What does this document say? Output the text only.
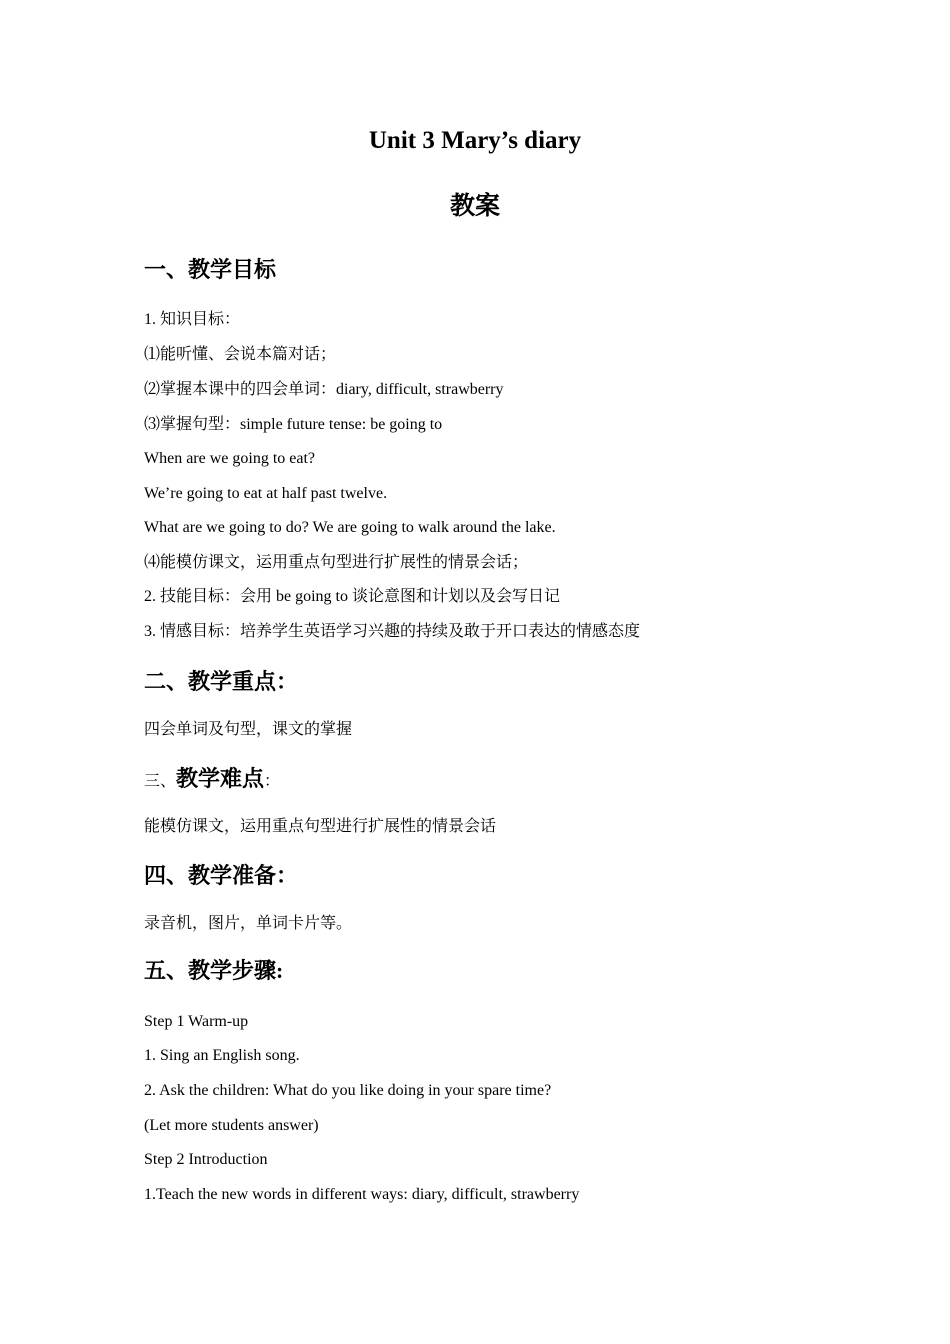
Unit 3 Mary’s diary
教案
一、教学目标

1. 知识目标：

⑴能听懂、会说本篇对话；

⑵掌握本课中的四会单词：diary, difficult, strawberry

⑶掌握句型：simple future tense: be going to

When are we going to eat?

We’re going to eat at half past twelve.

What are we going to do? We are going to walk around the lake.

⑷能模仿课文，运用重点句型进行扩展性的情景会话；

2. 技能目标：会用 be going to 谈论意图和计划以及会写日记

3. 情感目标：培养学生英语学习兴趣的持续及敢于开口表达的情感态度

二、教学重点：

四会单词及句型，课文的掌握

三、教学难点：

能模仿课文，运用重点句型进行扩展性的情景会话

四、教学准备：

录音机，图片，单词卡片等。

五、教学步骤:

Step 1 Warm-up

1. Sing an English song.

2. Ask the children: What do you like doing in your spare time?

(Let more students answer)

Step 2 Introduction

1.Teach the new words in different ways: diary, difficult, strawberry
